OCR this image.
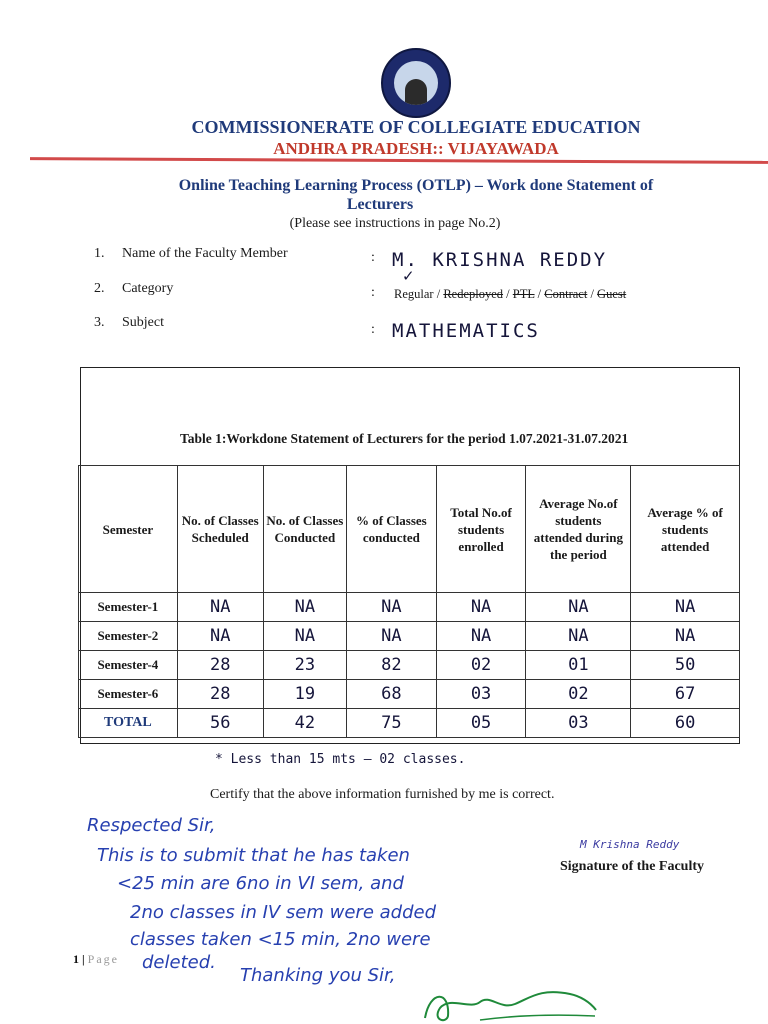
COMMISSIONERATE OF COLLEGIATE EDUCATION
ANDHRA PRADESH:: VIJAYAWADA
Online Teaching Learning Process (OTLP) – Work done Statement of
Lecturers
(Please see instructions in page No.2)
1. Name of the Faculty Member	: M. KRISHNA REDDY
2. Category	:
✓
Regular / Redeployed / PTL / Contract / Guest
3. Subject	: MATHEMATICS
Table 1:Workdone Statement of Lecturers for the period 1.07.2021-31.07.2021
Semester	No. of Classes Scheduled	No. of Classes Conducted	% of Classes conducted	Total No.of students enrolled	Average No.of students attended during the period	Average % of students attended
Semester-1	NA	NA	NA	NA	NA	NA
Semester-2	NA	NA	NA	NA	NA	NA
Semester-4	28	23	82	02	01	50
Semester-6	28	19	68	03	02	67
TOTAL	56	42	75	05	03	60
* Less than 15 mts — 02 classes.
Certify that the above information furnished by me is correct.
M Krishna Reddy
Signature of the Faculty
Respected Sir,
This is to submit that he has taken
<25 min are 6no in VI sem, and
2no classes in IV sem were added
classes taken <15 min, 2no were
deleted.
Thanking you Sir,
1 | Page
